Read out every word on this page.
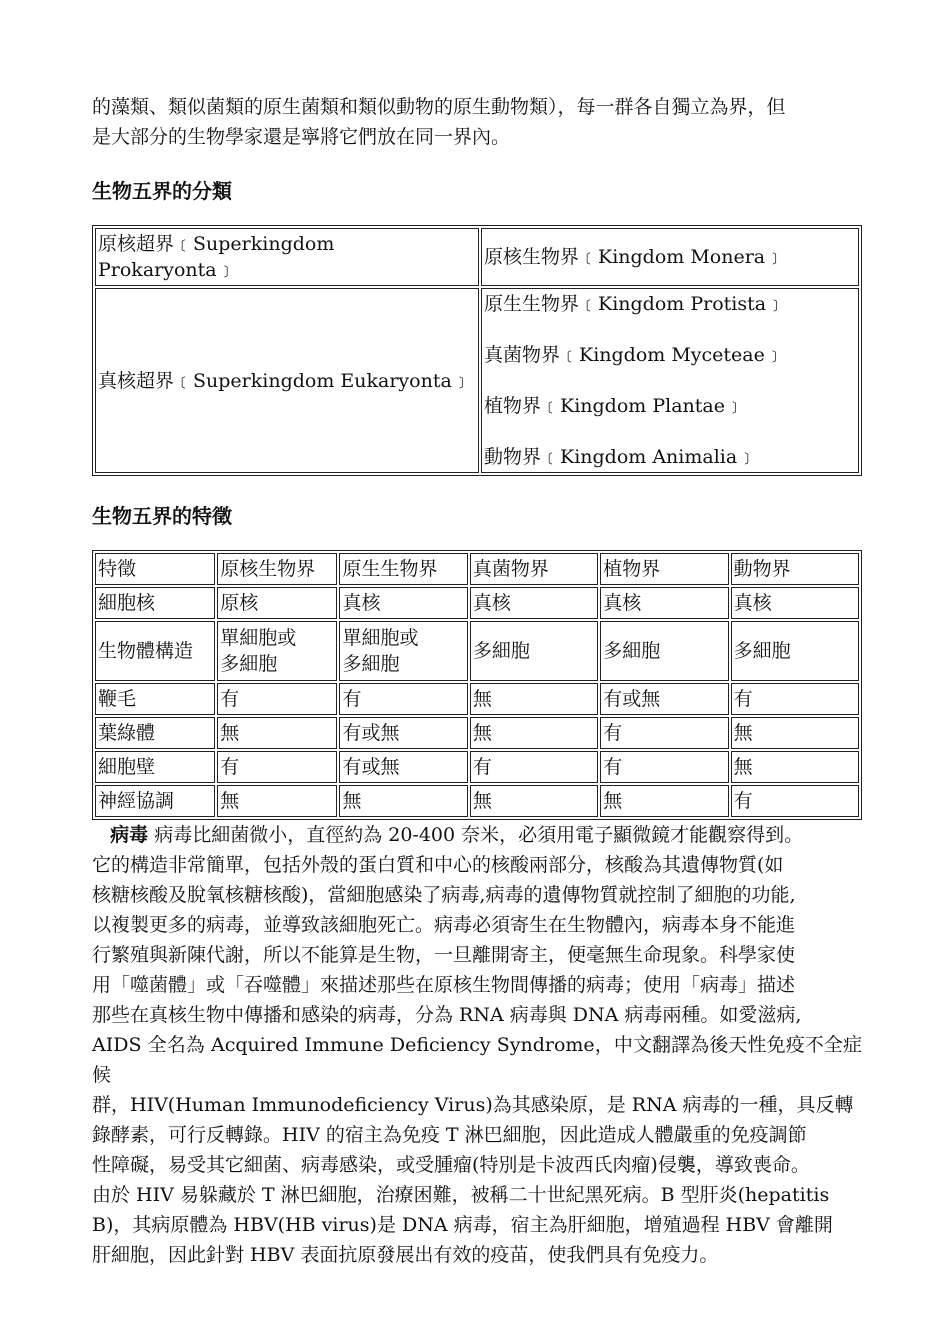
的藻類、類似菌類的原生菌類和類似動物的原生動物類），每一群各自獨立為界，但
是大部分的生物學家還是寧將它們放在同一界內。

生物五界的分類

原核超界﹝Superkingdom Prokaryonta﹞	原核生物界﹝Kingdom Monera﹞
真核超界﹝Superkingdom Eukaryonta﹞	原生生物界﹝Kingdom Protista﹞
真菌物界﹝Kingdom Myceteae﹞
植物界﹝Kingdom Plantae﹞
動物界﹝Kingdom Animalia﹞

生物五界的特徵

特徵	原核生物界	原生生物界	真菌物界	植物界	動物界
細胞核	原核	真核	真核	真核	真核
生物體構造	單細胞或
多細胞	單細胞或
多細胞	多細胞	多細胞	多細胞
鞭毛	有	有	無	有或無	有
葉綠體	無	有或無	無	有	無
細胞壁	有	有或無	有	有	無
神經協調	無	無	無	無	有

病毒 病毒比細菌微小，直徑約為 20-400 奈米，必須用電子顯微鏡才能觀察得到。
它的構造非常簡單，包括外殼的蛋白質和中心的核酸兩部分，核酸為其遺傳物質(如
核糖核酸及脫氧核糖核酸)，當細胞感染了病毒,病毒的遺傳物質就控制了細胞的功能,
以複製更多的病毒，並導致該細胞死亡。病毒必須寄生在生物體內，病毒本身不能進
行繁殖與新陳代謝，所以不能算是生物，一旦離開寄主，便毫無生命現象。科學家使
用「噬菌體」或「吞噬體」來描述那些在原核生物間傳播的病毒；使用「病毒」描述
那些在真核生物中傳播和感染的病毒，分為 RNA 病毒與 DNA 病毒兩種。如愛滋病,
AIDS 全名為 Acquired Immune Deficiency Syndrome，中文翻譯為後天性免疫不全症候
群，HIV(Human Immunodeficiency Virus)為其感染原，是 RNA 病毒的一種，具反轉
錄酵素，可行反轉錄。HIV 的宿主為免疫 T 淋巴細胞，因此造成人體嚴重的免疫調節
性障礙，易受其它細菌、病毒感染，或受腫瘤(特別是卡波西氏肉瘤)侵襲，導致喪命。
由於 HIV 易躲藏於 T 淋巴細胞，治療困難，被稱二十世紀黑死病。B 型肝炎(hepatitis
B)，其病原體為 HBV(HB virus)是 DNA 病毒，宿主為肝細胞，增殖過程 HBV 會離開
肝細胞，因此針對 HBV 表面抗原發展出有效的疫苗，使我們具有免疫力。
